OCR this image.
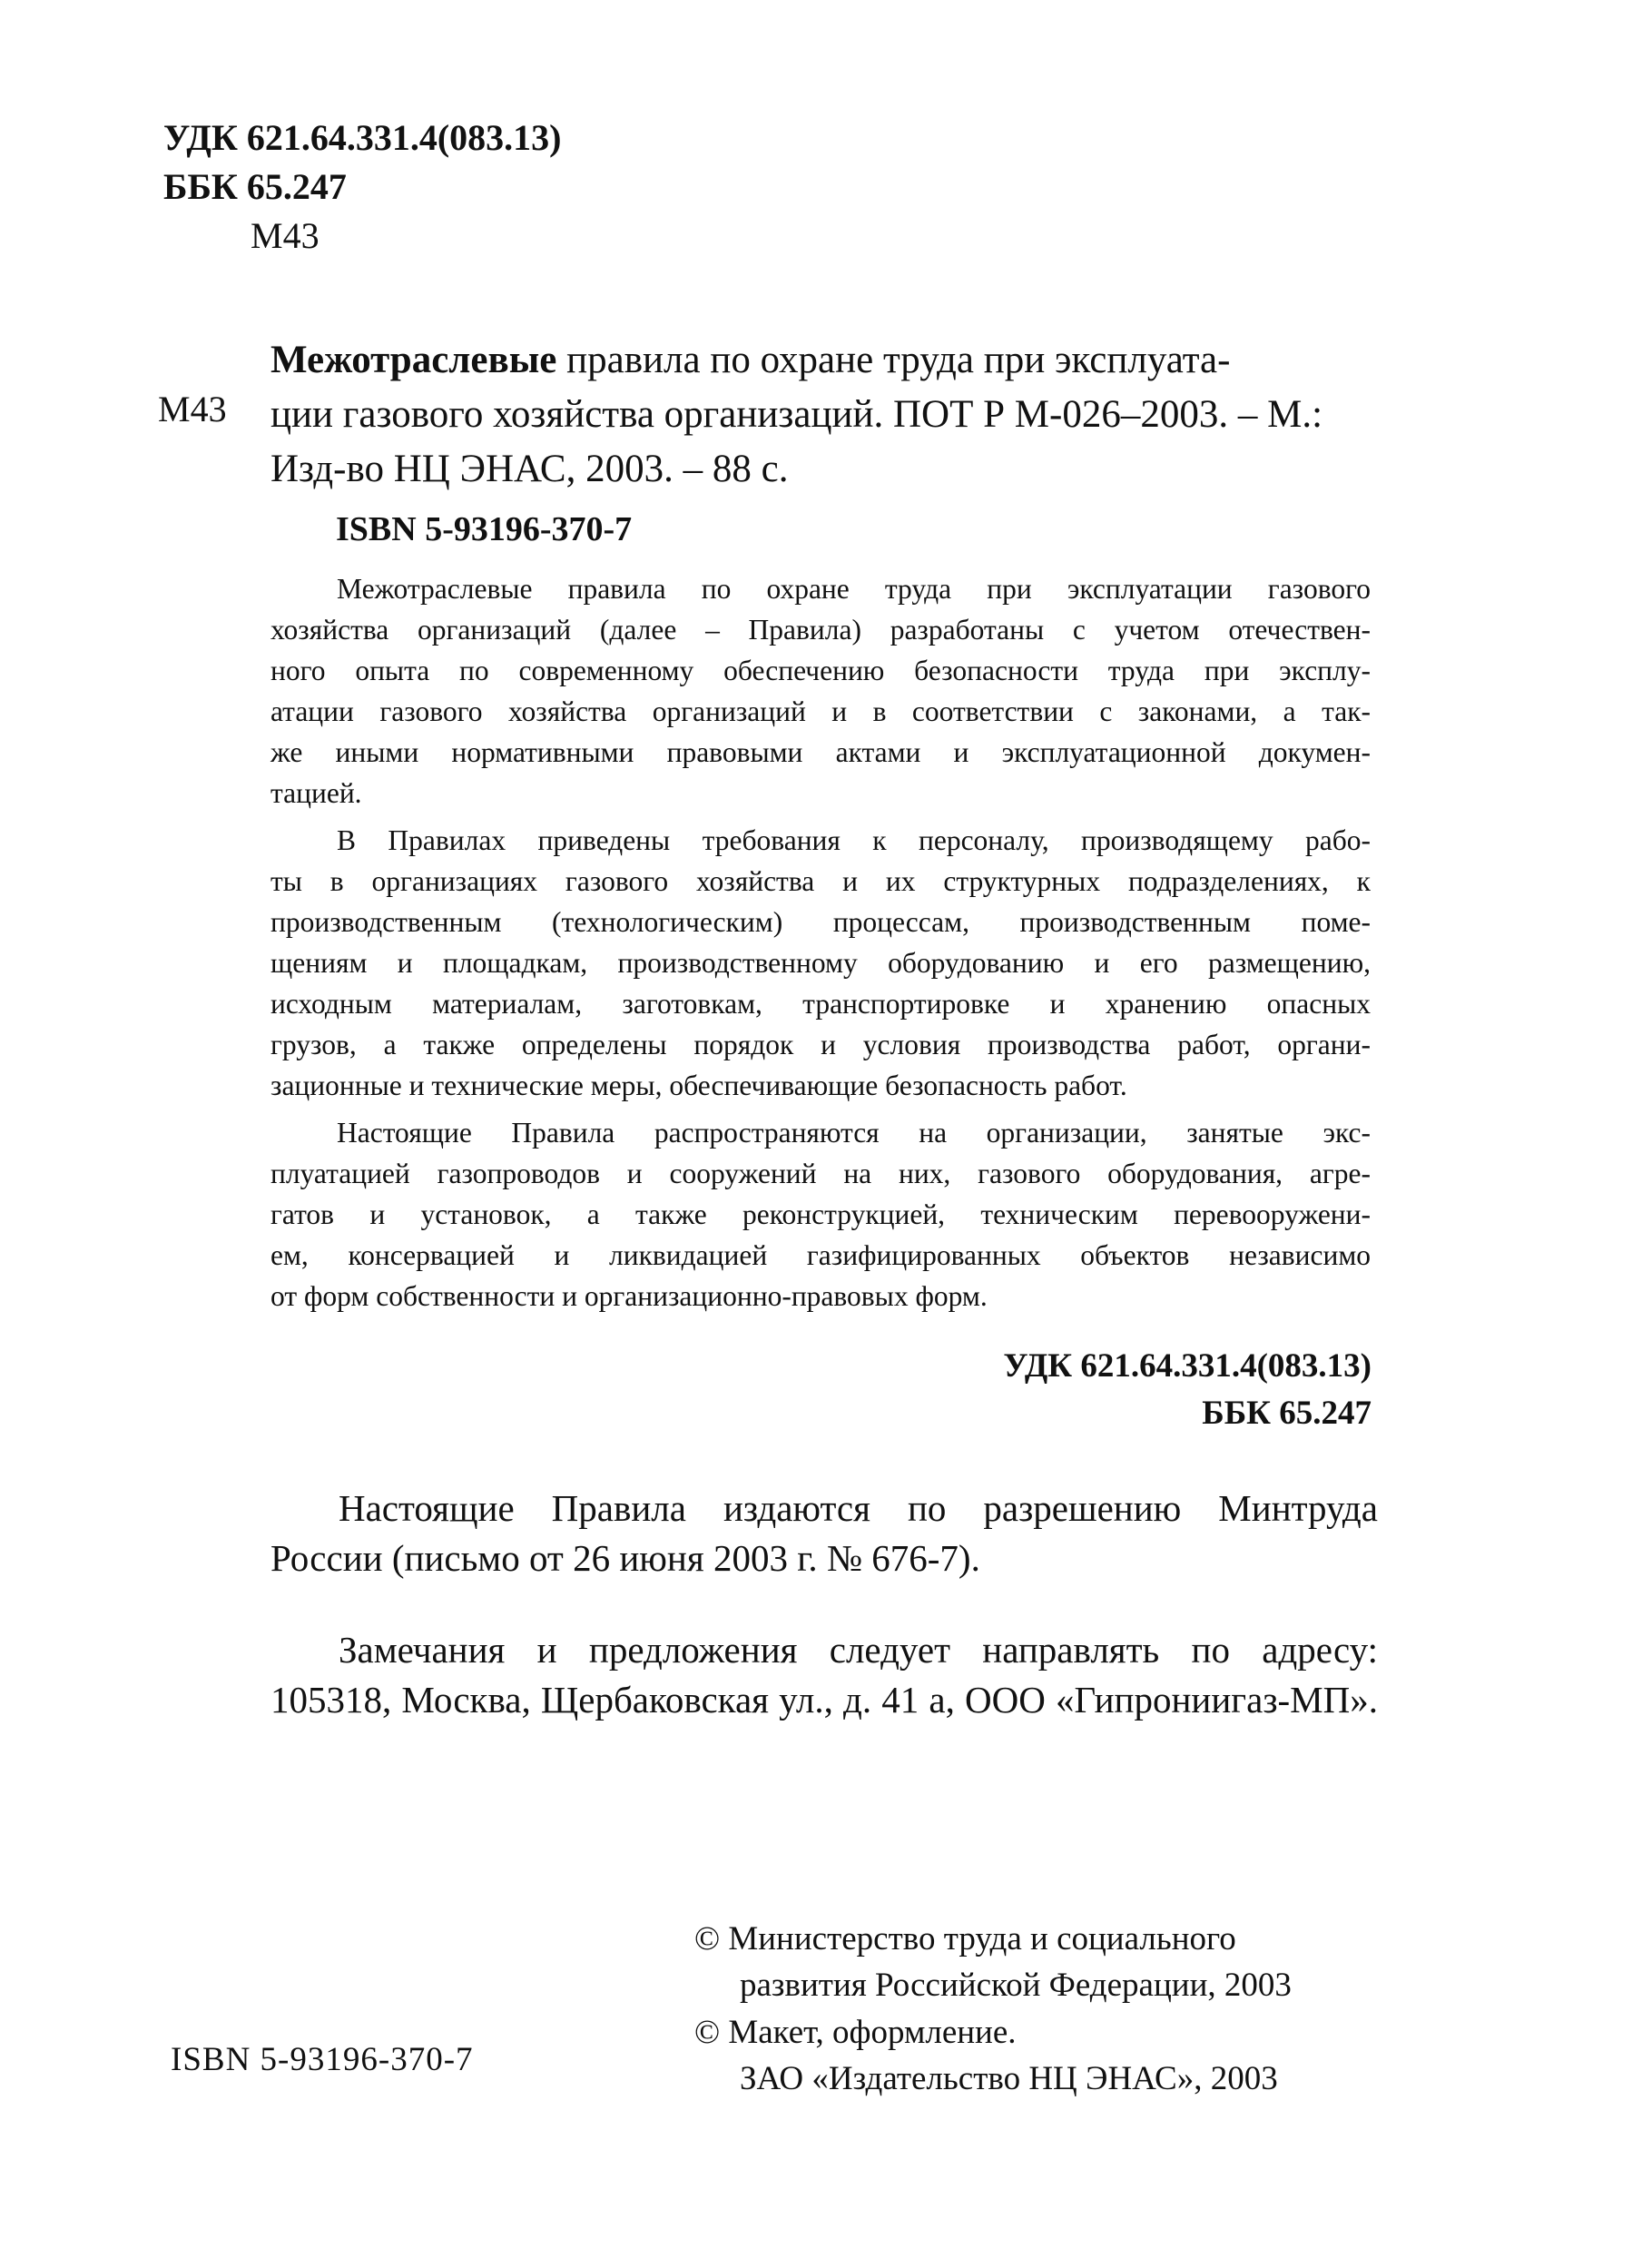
УДК 621.64.331.4(083.13)
ББК 65.247
М43
М43
Межотраслевые правила по охране труда при эксплуата-
ции газового хозяйства организаций. ПОТ Р М-026–2003. – М.:
Изд-во НЦ ЭНАС, 2003. – 88 с.
ISBN 5-93196-370-7
Межотраслевые правила по охране труда при эксплуатации газового
хозяйства организаций (далее – Правила) разработаны с учетом отечествен-
ного опыта по современному обеспечению безопасности труда при эксплу-
атации газового хозяйства организаций и в соответствии с законами, а так-
же иными нормативными правовыми актами и эксплуатационной докумен-
тацией.
В Правилах приведены требования к персоналу, производящему рабо-
ты в организациях газового хозяйства и их структурных подразделениях, к
производственным (технологическим) процессам, производственным поме-
щениям и площадкам, производственному оборудованию и его размещению,
исходным материалам, заготовкам, транспортировке и хранению опасных
грузов, а также определены порядок и условия производства работ, органи-
зационные и технические меры, обеспечивающие безопасность работ.
Настоящие Правила распространяются на организации, занятые экс-
плуатацией газопроводов и сооружений на них, газового оборудования, агре-
гатов и установок, а также реконструкцией, техническим перевооружени-
ем, консервацией и ликвидацией газифицированных объектов независимо
от форм собственности и организационно-правовых форм.
УДК 621.64.331.4(083.13)
ББК 65.247
Настоящие Правила издаются по разрешению Минтруда
России (письмо от 26 июня 2003 г. № 676-7).
Замечания и предложения следует направлять по адресу:
105318, Москва, Щербаковская ул., д. 41 а, ООО «Гипрониигаз-МП».
© Министерство труда и социального
развития Российской Федерации, 2003
© Макет, оформление.
ЗАО «Издательство НЦ ЭНАС», 2003
ISBN 5-93196-370-7
